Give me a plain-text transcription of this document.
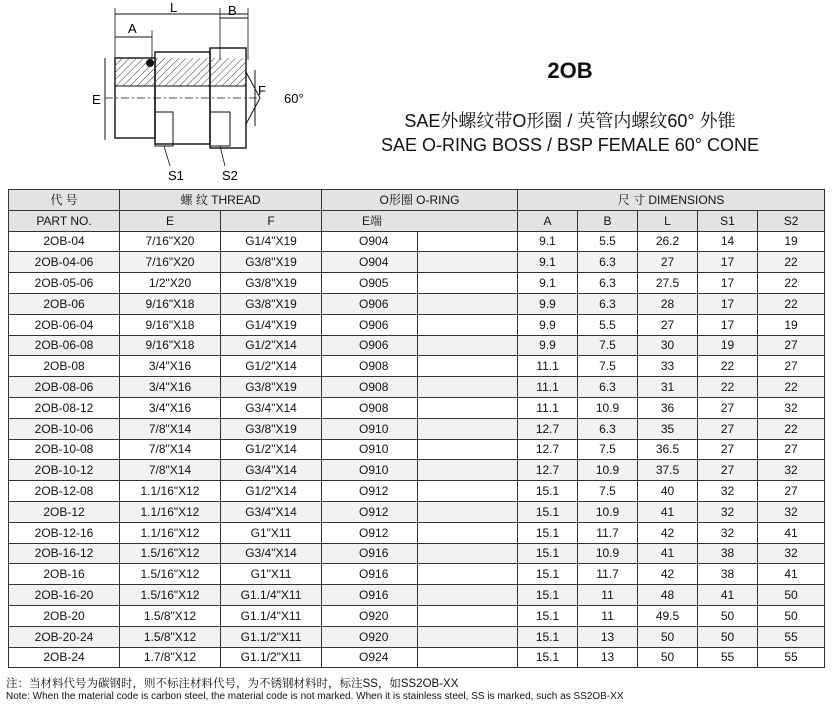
L	B
A
E
F
60°
S1	S2
2OB
SAE外螺纹带O形圈 / 英管内螺纹60° 外锥
SAE O-RING BOSS / BSP FEMALE 60° CONE
代 号	螺 纹 THREAD		O形圈 O-RING		尺 寸 DIMENSIONS				
PART NO.	E	F	E端		A	B	L	S1	S2
2OB-04	7/16"X20	G1/4"X19	O904		9.1	5.5	26.2	14	19
2OB-04-06	7/16"X20	G3/8"X19	O904		9.1	6.3	27	17	22
2OB-05-06	1/2"X20	G3/8"X19	O905		9.1	6.3	27.5	17	22
2OB-06	9/16"X18	G3/8"X19	O906		9.9	6.3	28	17	22
2OB-06-04	9/16"X18	G1/4"X19	O906		9.9	5.5	27	17	19
2OB-06-08	9/16"X18	G1/2"X14	O906		9.9	7.5	30	19	27
2OB-08	3/4"X16	G1/2"X14	O908		11.1	7.5	33	22	27
2OB-08-06	3/4"X16	G3/8"X19	O908		11.1	6.3	31	22	22
2OB-08-12	3/4"X16	G3/4"X14	O908		11.1	10.9	36	27	32
2OB-10-06	7/8"X14	G3/8"X19	O910		12.7	6.3	35	27	22
2OB-10-08	7/8"X14	G1/2"X14	O910		12.7	7.5	36.5	27	27
2OB-10-12	7/8"X14	G3/4"X14	O910		12.7	10.9	37.5	27	32
2OB-12-08	1.1/16"X12	G1/2"X14	O912		15.1	7.5	40	32	27
2OB-12	1.1/16"X12	G3/4"X14	O912		15.1	10.9	41	32	32
2OB-12-16	1.1/16"X12	G1"X11	O912		15.1	11.7	42	32	41
2OB-16-12	1.5/16"X12	G3/4"X14	O916		15.1	10.9	41	38	32
2OB-16	1.5/16"X12	G1"X11	O916		15.1	11.7	42	38	41
2OB-16-20	1.5/16"X12	G1.1/4"X11	O916		15.1	11	48	41	50
2OB-20	1.5/8"X12	G1.1/4"X11	O920		15.1	11	49.5	50	50
2OB-20-24	1.5/8"X12	G1.1/2"X11	O920		15.1	13	50	50	55
2OB-24	1.7/8"X12	G1.1/2"X11	O924		15.1	13	50	55	55
注：当材料代号为碳钢时，则不标注材料代号，为不锈钢材料时，标注SS，如SS2OB-XX
Note: When the material code is carbon steel, the material code is not marked. When it is stainless steel, SS is marked, such as SS2OB-XX
